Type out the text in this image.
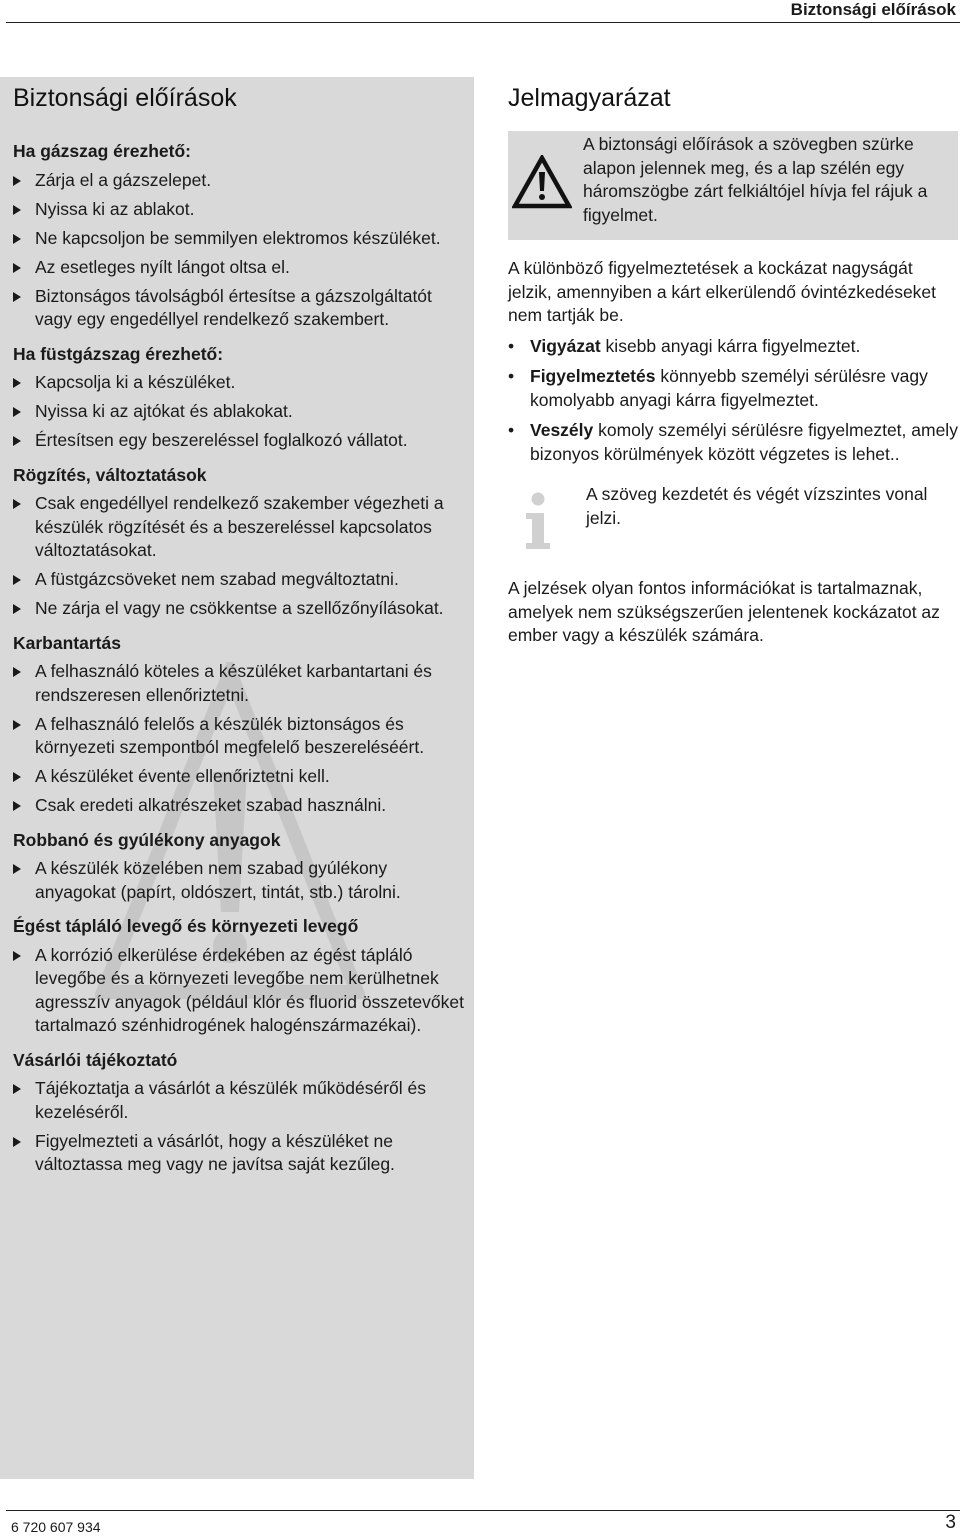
Biztonsági előírások
Biztonsági előírások
Ha gázszag érezhető:
Zárja el a gázszelepet.
Nyissa ki az ablakot.
Ne kapcsoljon be semmilyen elektromos készüléket.
Az esetleges nyílt lángot oltsa el.
Biztonságos távolságból értesítse a gázszolgáltatót vagy egy engedéllyel rendelkező szakembert.
Ha füstgázszag érezhető:
Kapcsolja ki a készüléket.
Nyissa ki az ajtókat és ablakokat.
Értesítsen egy beszereléssel foglalkozó vállatot.
Rögzítés, változtatások
Csak engedéllyel rendelkező szakember végezheti a készülék rögzítését és a beszereléssel kapcsolatos változtatásokat.
A füstgázcsöveket nem szabad megváltoztatni.
Ne zárja el vagy ne csökkentse a szellőzőnyílásokat.
Karbantartás
A felhasználó köteles a készüléket karbantartani és rendszeresen ellenőriztetni.
A felhasználó felelős a készülék biztonságos és környezeti szempontból megfelelő beszereléséért.
A készüléket évente ellenőriztetni kell.
Csak eredeti alkatrészeket szabad használni.
Robbanó és gyúlékony anyagok
A készülék közelében nem szabad gyúlékony anyagokat (papírt, oldószert, tintát, stb.) tárolni.
Égést tápláló levegő és környezeti levegő
A korrózió elkerülése érdekében az égést tápláló levegőbe és a környezeti levegőbe nem kerülhetnek agresszív anyagok (például klór és fluorid összetevőket tartalmazó szénhidrogének halogénszármazékai).
Vásárlói tájékoztató
Tájékoztatja a vásárlót a készülék működéséről és kezeléséről.
Figyelmezteti a vásárlót, hogy a készüléket ne változtassa meg vagy ne javítsa saját kezűleg.
Jelmagyarázat
A biztonsági előírások a szövegben szürke alapon jelennek meg, és a lap szélén egy háromszögbe zárt felkiáltójel hívja fel rájuk a figyelmet.
A különböző figyelmeztetések a kockázat nagyságát jelzik, amennyiben a kárt elkerülendő óvintézkedéseket nem tartják be.
• Vigyázat kisebb anyagi kárra figyelmeztet.
• Figyelmeztetés könnyebb személyi sérülésre vagy komolyabb anyagi kárra figyelmeztet.
• Veszély komoly személyi sérülésre figyelmeztet, amely bizonyos körülmények között végzetes is lehet..
A szöveg kezdetét és végét vízszintes vonal jelzi.
A jelzések olyan fontos információkat is tartalmaznak, amelyek nem szükségszerűen jelentenek kockázatot az ember vagy a készülék számára.
6 720 607 934	3
